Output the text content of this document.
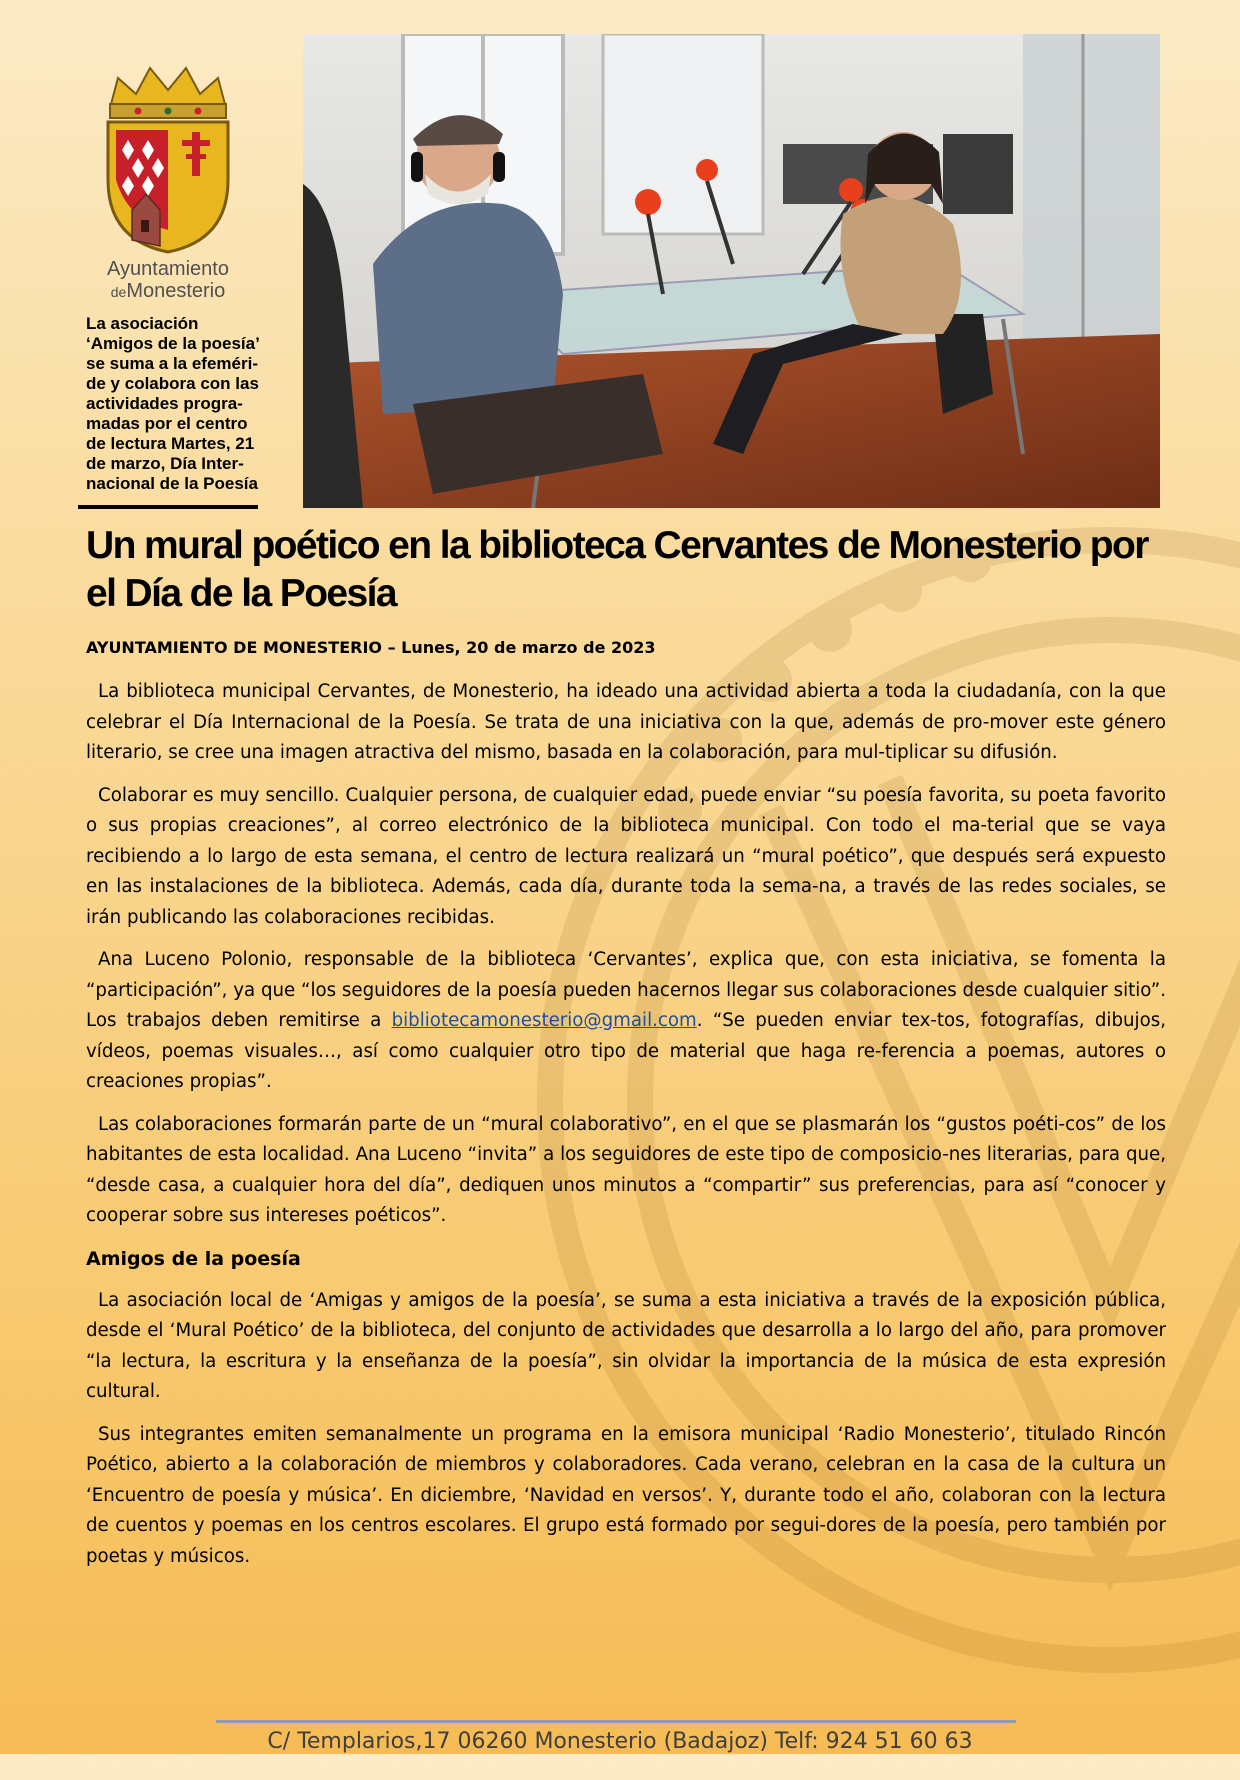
Ayuntamiento
deMonesterio

La asociación
‘Amigos de la poesía’
se suma a la efeméri-
de y colabora con las
actividades progra-
madas por el centro
de lectura Martes, 21
de marzo, Día Inter-
nacional de la Poesía

Un mural poético en la biblioteca Cervantes de Monesterio por el Día de la Poesía

AYUNTAMIENTO DE MONESTERIO – Lunes, 20 de marzo de 2023

La biblioteca municipal Cervantes, de Monesterio, ha ideado una actividad abierta a toda la ciudadanía, con la que celebrar el Día Internacional de la Poesía. Se trata de una iniciativa con la que, además de pro-mover este género literario, se cree una imagen atractiva del mismo, basada en la colaboración, para mul-tiplicar su difusión.

Colaborar es muy sencillo. Cualquier persona, de cualquier edad, puede enviar “su poesía favorita, su poeta favorito o sus propias creaciones”, al correo electrónico de la biblioteca municipal. Con todo el ma-terial que se vaya recibiendo a lo largo de esta semana, el centro de lectura realizará un “mural poético”, que después será expuesto en las instalaciones de la biblioteca. Además, cada día, durante toda la sema-na, a través de las redes sociales, se irán publicando las colaboraciones recibidas.

Ana Luceno Polonio, responsable de la biblioteca ‘Cervantes’, explica que, con esta iniciativa, se fomenta la “participación”, ya que “los seguidores de la poesía pueden hacernos llegar sus colaboraciones desde cualquier sitio”. Los trabajos deben remitirse a bibliotecamonesterio@gmail.com. “Se pueden enviar tex-tos, fotografías, dibujos, vídeos, poemas visuales…, así como cualquier otro tipo de material que haga re-ferencia a poemas, autores o creaciones propias”.

Las colaboraciones formarán parte de un “mural colaborativo”, en el que se plasmarán los “gustos poéti-cos” de los habitantes de esta localidad. Ana Luceno “invita” a los seguidores de este tipo de composicio-nes literarias, para que, “desde casa, a cualquier hora del día”, dediquen unos minutos a “compartir” sus preferencias, para así “conocer y cooperar sobre sus intereses poéticos”.

Amigos de la poesía

La asociación local de ‘Amigas y amigos de la poesía’, se suma a esta iniciativa a través de la exposición pública, desde el ‘Mural Poético’ de la biblioteca, del conjunto de actividades que desarrolla a lo largo del año, para promover “la lectura, la escritura y la enseñanza de la poesía”, sin olvidar la importancia de la música de esta expresión cultural.

Sus integrantes emiten semanalmente un programa en la emisora municipal ‘Radio Monesterio’, titulado Rincón Poético, abierto a la colaboración de miembros y colaboradores. Cada verano, celebran en la casa de la cultura un ‘Encuentro de poesía y música’. En diciembre, ‘Navidad en versos’. Y, durante todo el año, colaboran con la lectura de cuentos y poemas en los centros escolares. El grupo está formado por segui-dores de la poesía, pero también por poetas y músicos.

C/ Templarios,17 06260 Monesterio (Badajoz) Telf: 924 51 60 63
